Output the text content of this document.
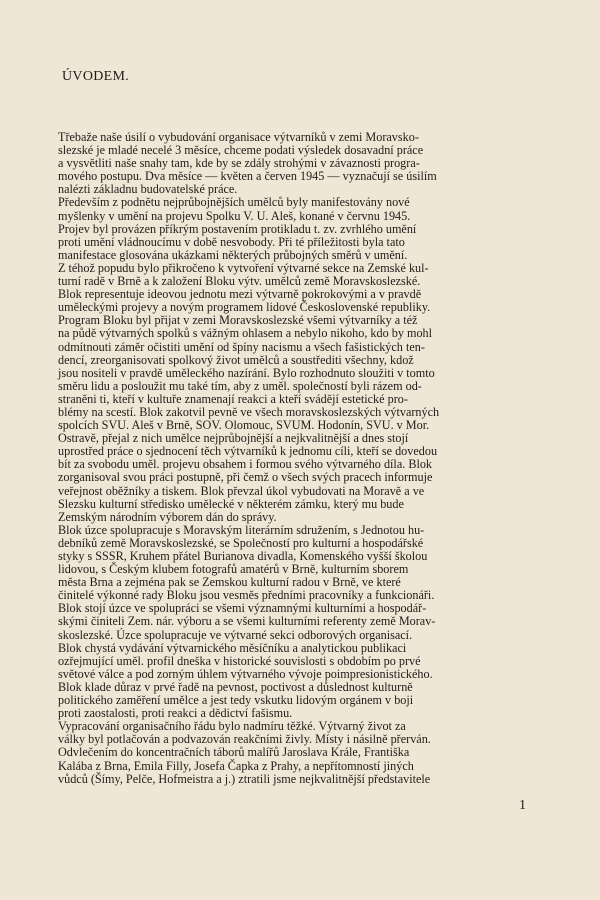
ÚVODEM.
Třebaže naše úsilí o vybudování organisace výtvarníků v zemi Moravsko-
slezské je mladé necelé 3 měsíce, chceme podati výsledek dosavadní práce
a vysvětliti naše snahy tam, kde by se zdály strohými v závaznosti progra-
mového postupu. Dva měsíce — květen a červen 1945 — vyznačují se úsilím
nalézti základnu budovatelské práce.
Především z podnětu nejprůbojnějších umělců byly manifestovány nové
myšlenky v umění na projevu Spolku V. U. Aleš, konané v červnu 1945.
Projev byl provázen příkrým postavením protikladu t. zv. zvrhlého umění
proti umění vládnoucímu v době nesvobody. Při té příležitosti byla tato
manifestace glosována ukázkami některých průbojných směrů v umění.
Z téhož popudu bylo přikročeno k vytvoření výtvarné sekce na Zemské kul-
turní radě v Brně a k založení Bloku výtv. umělců země Moravskoslezské.
Blok representuje ideovou jednotu mezi výtvarně pokrokovými a v pravdě
uměleckými projevy a novým programem lidové Československé republiky.
Program Bloku byl přijat v zemi Moravskoslezské všemi výtvarníky a též
na půdě výtvarných spolků s vážným ohlasem a nebylo nikoho, kdo by mohl
odmítnouti záměr očistiti umění od špíny nacismu a všech fašistických ten-
dencí, zreorganisovati spolkový život umělců a soustřediti všechny, kdož
jsou nositeli v pravdě uměleckého nazírání. Bylo rozhodnuto sloužiti v tomto
směru lidu a posloužit mu také tím, aby z uměl. společností byli rázem od-
straněni ti, kteří v kultuře znamenají reakci a kteří svádějí estetické pro-
blémy na scestí. Blok zakotvil pevně ve všech moravskoslezských výtvarných
spolcích SVU. Aleš v Brně, SOV. Olomouc, SVUM. Hodonín, SVU. v Mor.
Ostravě, přejal z nich umělce nejprůbojnější a nejkvalitnější a dnes stojí
uprostřed práce o sjednocení těch výtvarníků k jednomu cíli, kteří se dovedou
bít za svobodu uměl. projevu obsahem i formou svého výtvarného díla. Blok
zorganisoval svou práci postupně, při čemž o všech svých pracech informuje
veřejnost oběžníky a tiskem. Blok převzal úkol vybudovati na Moravě a ve
Slezsku kulturní středisko umělecké v některém zámku, který mu bude
Zemským národním výborem dán do správy.
Blok úzce spolupracuje s Moravským literárním sdružením, s Jednotou hu-
debníků země Moravskoslezské, se Společností pro kulturní a hospodářské
styky s SSSR, Kruhem přátel Burianova divadla, Komenského vyšší školou
lidovou, s Českým klubem fotografů amatérů v Brně, kulturním sborem
města Brna a zejména pak se Zemskou kulturní radou v Brně, ve které
činitelé výkonné rady Bloku jsou vesměs předními pracovníky a funkcionáři.
Blok stojí úzce ve spolupráci se všemi významnými kulturními a hospodář-
skými činiteli Zem. nár. výboru a se všemi kulturními referenty země Morav-
skoslezské. Úzce spolupracuje ve výtvarné sekci odborových organisací.
Blok chystá vydávání výtvarnického měsíčníku a analytickou publikaci
ozřejmující uměl. profil dneška v historické souvislosti s obdobím po prvé
světové válce a pod zorným úhlem výtvarného vývoje poimpresionistického.
Blok klade důraz v prvé řadě na pevnost, poctivost a důslednost kulturně
politického zaměření umělce a jest tedy vskutku lidovým orgánem v boji
proti zaostalosti, proti reakci a dědictví fašismu.
Vypracování organisačního řádu bylo nadmíru těžké. Výtvarný život za
války byl potlačován a podvazován reakčními živly. Místy i násilně přerván.
Odvlečením do koncentračních táborů malířů Jaroslava Krále, Františka
Kalába z Brna, Emila Filly, Josefa Čapka z Prahy, a nepřítomností jiných
vůdců (Šímy, Pelče, Hofmeistra a j.) ztratili jsme nejkvalitnější představitele
1
